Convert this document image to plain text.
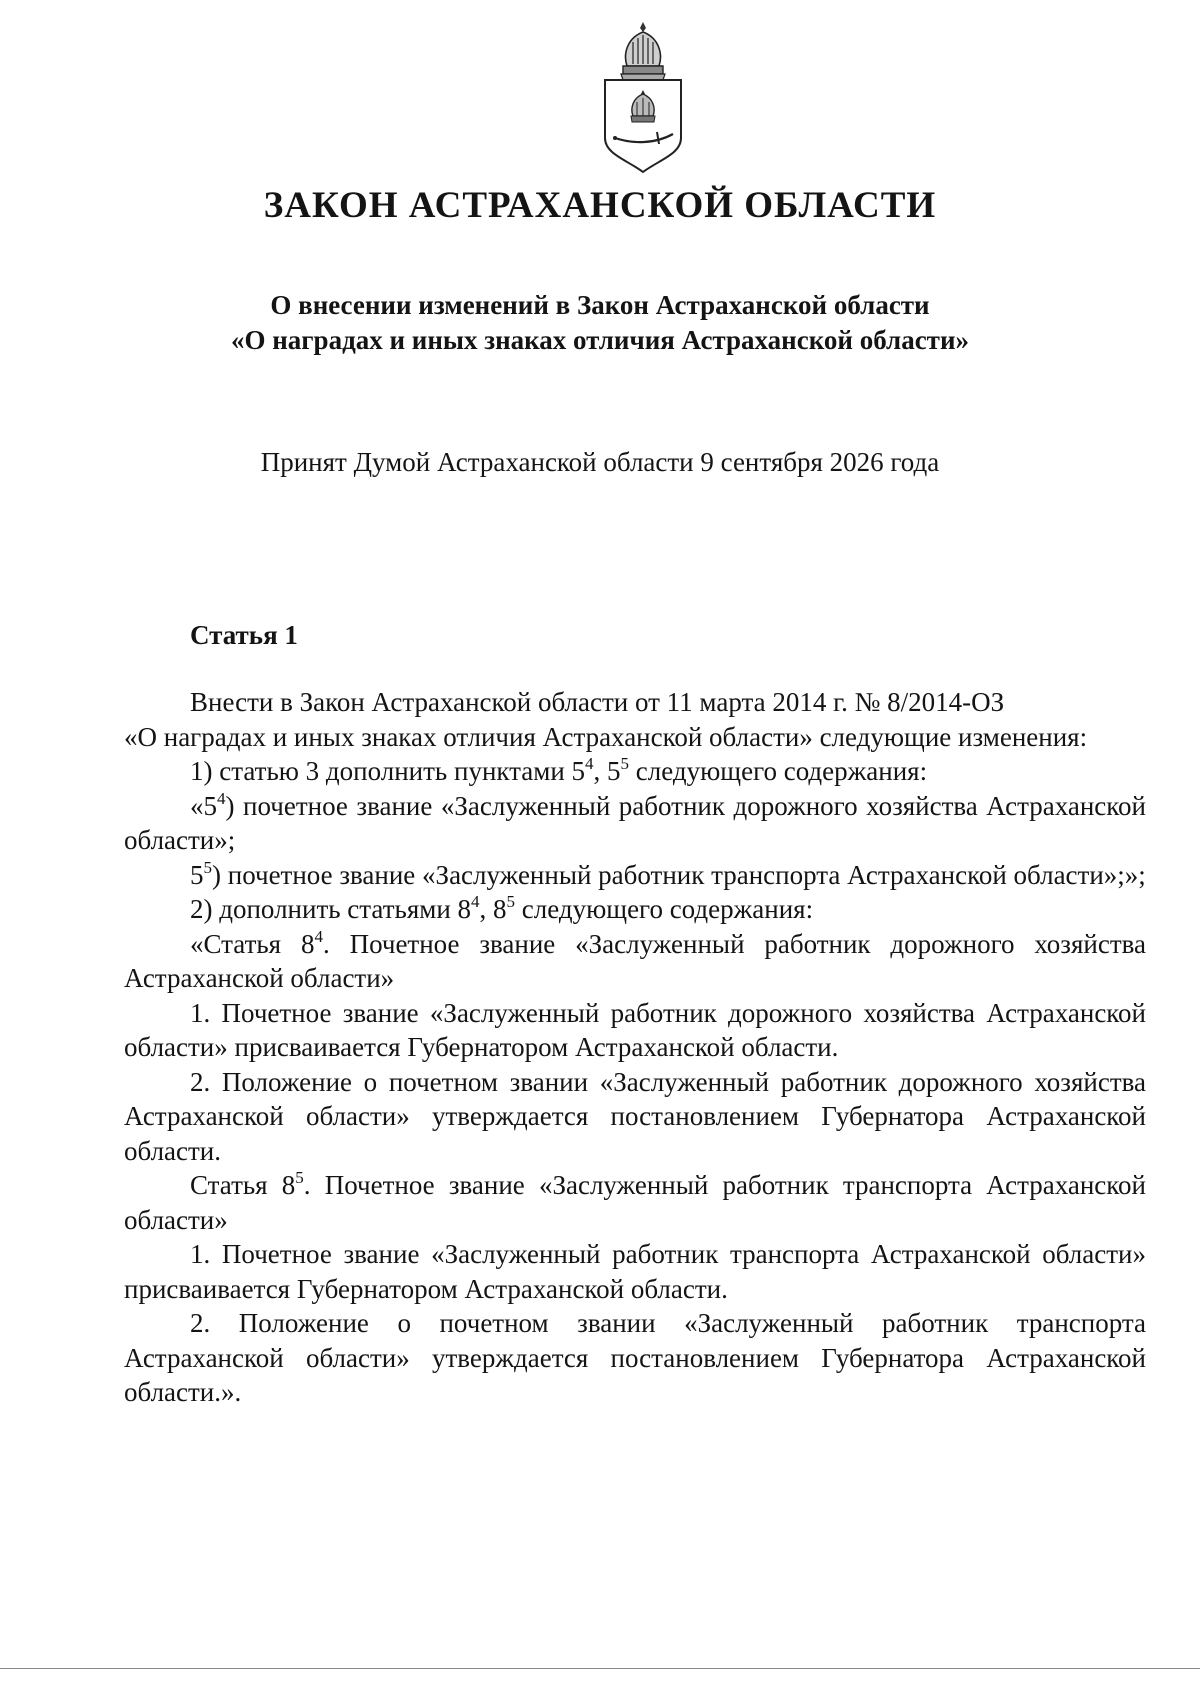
ЗАКОН АСТРАХАНСКОЙ ОБЛАСТИ
О внесении изменений в Закон Астраханской области
«О наградах и иных знаках отличия Астраханской области»
Принят Думой Астраханской области 9 сентября 2026 года
Статья 1

Внести в Закон Астраханской области от 11 марта 2014 г. № 8/2014-ОЗ

«О наградах и иных знаках отличия Астраханской области» следующие изменения:

1) статью 3 дополнить пунктами $5^4$, $5^5$ следующего содержания:

«$5^4$) почетное звание «Заслуженный работник дорожного хозяйства Астраханской области»;

$5^5$) почетное звание «Заслуженный работник транспорта Астраханской области»;»;

2) дополнить статьями $8^4$, $8^5$ следующего содержания:

«Статья $8^4$. Почетное звание «Заслуженный работник дорожного хозяйства Астраханской области»

1. Почетное звание «Заслуженный работник дорожного хозяйства Астраханской области» присваивается Губернатором Астраханской области.

2. Положение о почетном звании «Заслуженный работник дорожного хозяйства Астраханской области» утверждается постановлением Губернатора Астраханской области.

Статья $8^5$. Почетное звание «Заслуженный работник транспорта Астраханской области»

1. Почетное звание «Заслуженный работник транспорта Астраханской области» присваивается Губернатором Астраханской области.

2. Положение о почетном звании «Заслуженный работник транспорта Астраханской области» утверждается постановлением Губернатора Астраханской области.».
